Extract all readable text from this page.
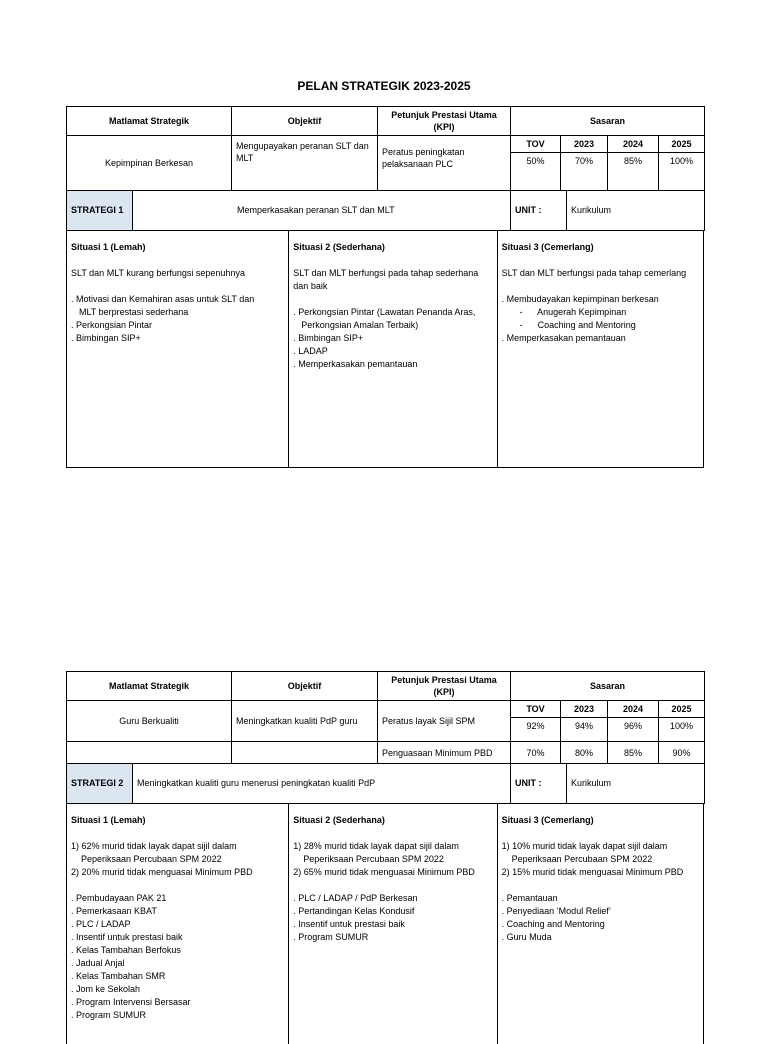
PELAN STRATEGIK 2023-2025
Matlamat Strategik	Objektif	Petunjuk Prestasi Utama (KPI)	Sasaran			
Kepimpinan Berkesan	Mengupayakan peranan SLT dan MLT	Peratus peningkatan pelaksanaan PLC	TOV	2023	2024	2025
			50%	70%	85%	100%
STRATEGI 1	Memperkasakan peranan SLT dan MLT	UNIT :	Kurikulum
Situasi 1 (Lemah)
SLT dan MLT kurang berfungsi sepenuhnya
. Motivasi dan Kemahiran asas untuk SLT dan
MLT berprestasi sederhana
. Perkongsian Pintar
. Bimbingan SIP+
Situasi 2 (Sederhana)
SLT dan MLT berfungsi pada tahap sederhana dan baik
. Perkongsian Pintar (Lawatan Penanda Aras,
Perkongsian Amalan Terbaik)
. Bimbingan SIP+
. LADAP
. Memperkasakan pemantauan
Situasi 3 (Cemerlang)
SLT dan MLT berfungsi pada tahap cemerlang
. Membudayakan kepimpinan berkesan
-      Anugerah Kepimpinan
-      Coaching and Mentoring
. Memperkasakan pemantauan
Matlamat Strategik	Objektif	Petunjuk Prestasi Utama (KPI)	Sasaran			
Guru Berkualiti	Meningkatkan kualiti PdP guru	Peratus layak Sijil SPM	TOV	2023	2024	2025
			92%	94%	96%	100%
		Penguasaan Minimum PBD	70%	80%	85%	90%
STRATEGI 2	Meningkatkan kualiti guru menerusi peningkatan kualiti PdP	UNIT :	Kurikulum
Situasi 1 (Lemah)
1) 62% murid tidak layak dapat sijil dalam
Peperiksaan Percubaan SPM 2022
2) 20% murid tidak menguasai Minimum PBD
. Pembudayaan PAK 21
. Pemerkasaan KBAT
. PLC / LADAP
. Insentif untuk prestasi baik
. Kelas Tambahan Berfokus
. Jadual Anjal
. Kelas Tambahan SMR
. Jom ke Sekolah
. Program Intervensi Bersasar
. Program SUMUR
Situasi 2 (Sederhana)
1) 28% murid tidak layak dapat sijil dalam
Peperiksaan Percubaan SPM 2022
2) 65% murid tidak menguasai Minimum PBD
. PLC / LADAP / PdP Berkesan
. Pertandingan Kelas Kondusif
. Insentif untuk prestasi baik
. Program SUMUR
Situasi 3 (Cemerlang)
1) 10% murid tidak layak dapat sijil dalam
Peperiksaan Percubaan SPM 2022
2) 15% murid tidak menguasai Minimum PBD
. Pemantauan
. Penyediaan ‘Modul Relief’
. Coaching and Mentoring
. Guru Muda
